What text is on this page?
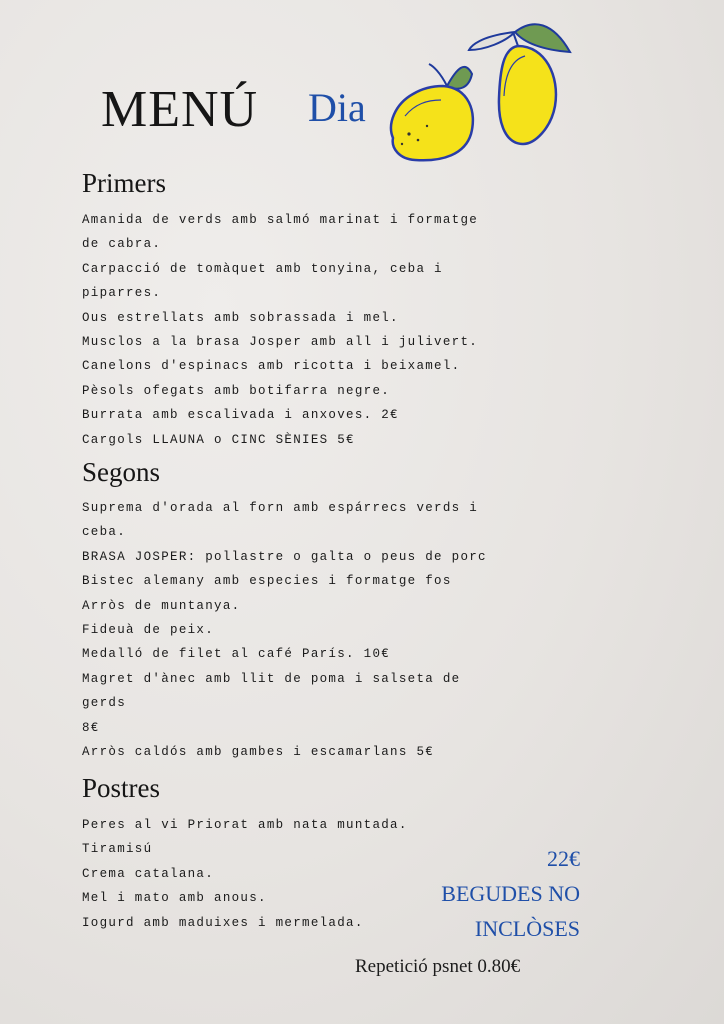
MENÚ Dia
Primers
Amanida de verds amb salmó marinat i formatge
de cabra.
Carpacció de tomàquet amb tonyina, ceba i
piparres.
Ous estrellats amb sobrassada i mel.
Musclos a la brasa Josper amb all i julivert.
Canelons d'espinacs amb ricotta i beixamel.
Pèsols ofegats amb botifarra negre.
Burrata amb escalivada i anxoves. 2€
Cargols LLAUNA o CINC SÈNIES 5€
Segons
Suprema d'orada al forn amb espárrecs verds i
ceba.
BRASA JOSPER: pollastre o galta o peus de porc
Bistec alemany amb especies i formatge fos
Arròs de muntanya.
Fideuà de peix.
Medalló de filet al café París. 10€
Magret d'ànec amb llit de poma i salseta de gerds
8€
Arròs caldós amb gambes i escamarlans 5€
Postres
Peres al vi Priorat amb nata muntada.
Tiramisú
Crema catalana.
Mel i mato amb anous.
Iogurd amb maduixes i mermelada.
22€
BEGUDES NO
INCLÒSES
Repetició psnet 0.80€
